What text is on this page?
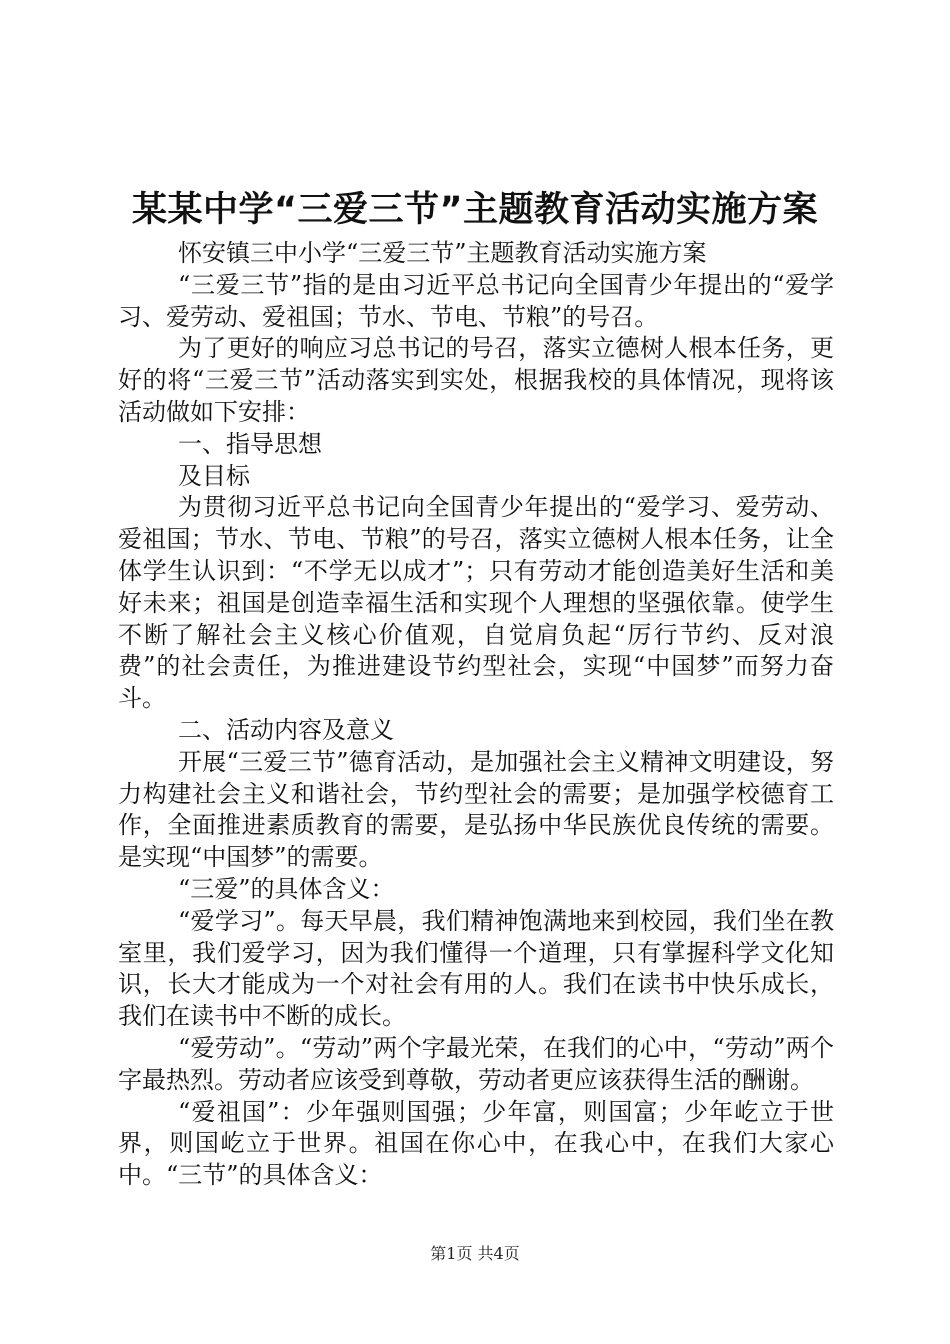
某某中学“三爱三节”主题教育活动实施方案

怀安镇三中小学“三爱三节”主题教育活动实施方案

“三爱三节”指的是由习近平总书记向全国青少年提出的“爱学习、爱劳动、爱祖国；节水、节电、节粮”的号召。

为了更好的响应习总书记的号召，落实立德树人根本任务，更好的将“三爱三节”活动落实到实处，根据我校的具体情况，现将该活动做如下安排：

一、指导思想

及目标

为贯彻习近平总书记向全国青少年提出的“爱学习、爱劳动、爱祖国；节水、节电、节粮”的号召，落实立德树人根本任务，让全体学生认识到：“不学无以成才”；只有劳动才能创造美好生活和美好未来；祖国是创造幸福生活和实现个人理想的坚强依靠。使学生不断了解社会主义核心价值观，自觉肩负起“厉行节约、反对浪费”的社会责任，为推进建设节约型社会，实现“中国梦”而努力奋斗。

二、活动内容及意义

开展“三爱三节”德育活动，是加强社会主义精神文明建设，努力构建社会主义和谐社会，节约型社会的需要；是加强学校德育工作，全面推进素质教育的需要，是弘扬中华民族优良传统的需要。是实现“中国梦”的需要。

“三爱”的具体含义：

“爱学习”。每天早晨，我们精神饱满地来到校园，我们坐在教室里，我们爱学习，因为我们懂得一个道理，只有掌握科学文化知识，长大才能成为一个对社会有用的人。我们在读书中快乐成长，我们在读书中不断的成长。

“爱劳动”。“劳动”两个字最光荣，在我们的心中，“劳动”两个字最热烈。劳动者应该受到尊敬，劳动者更应该获得生活的酬谢。

“爱祖国”：少年强则国强；少年富，则国富；少年屹立于世界，则国屹立于世界。祖国在你心中，在我心中，在我们大家心中。“三节”的具体含义：

第1页 共4页
